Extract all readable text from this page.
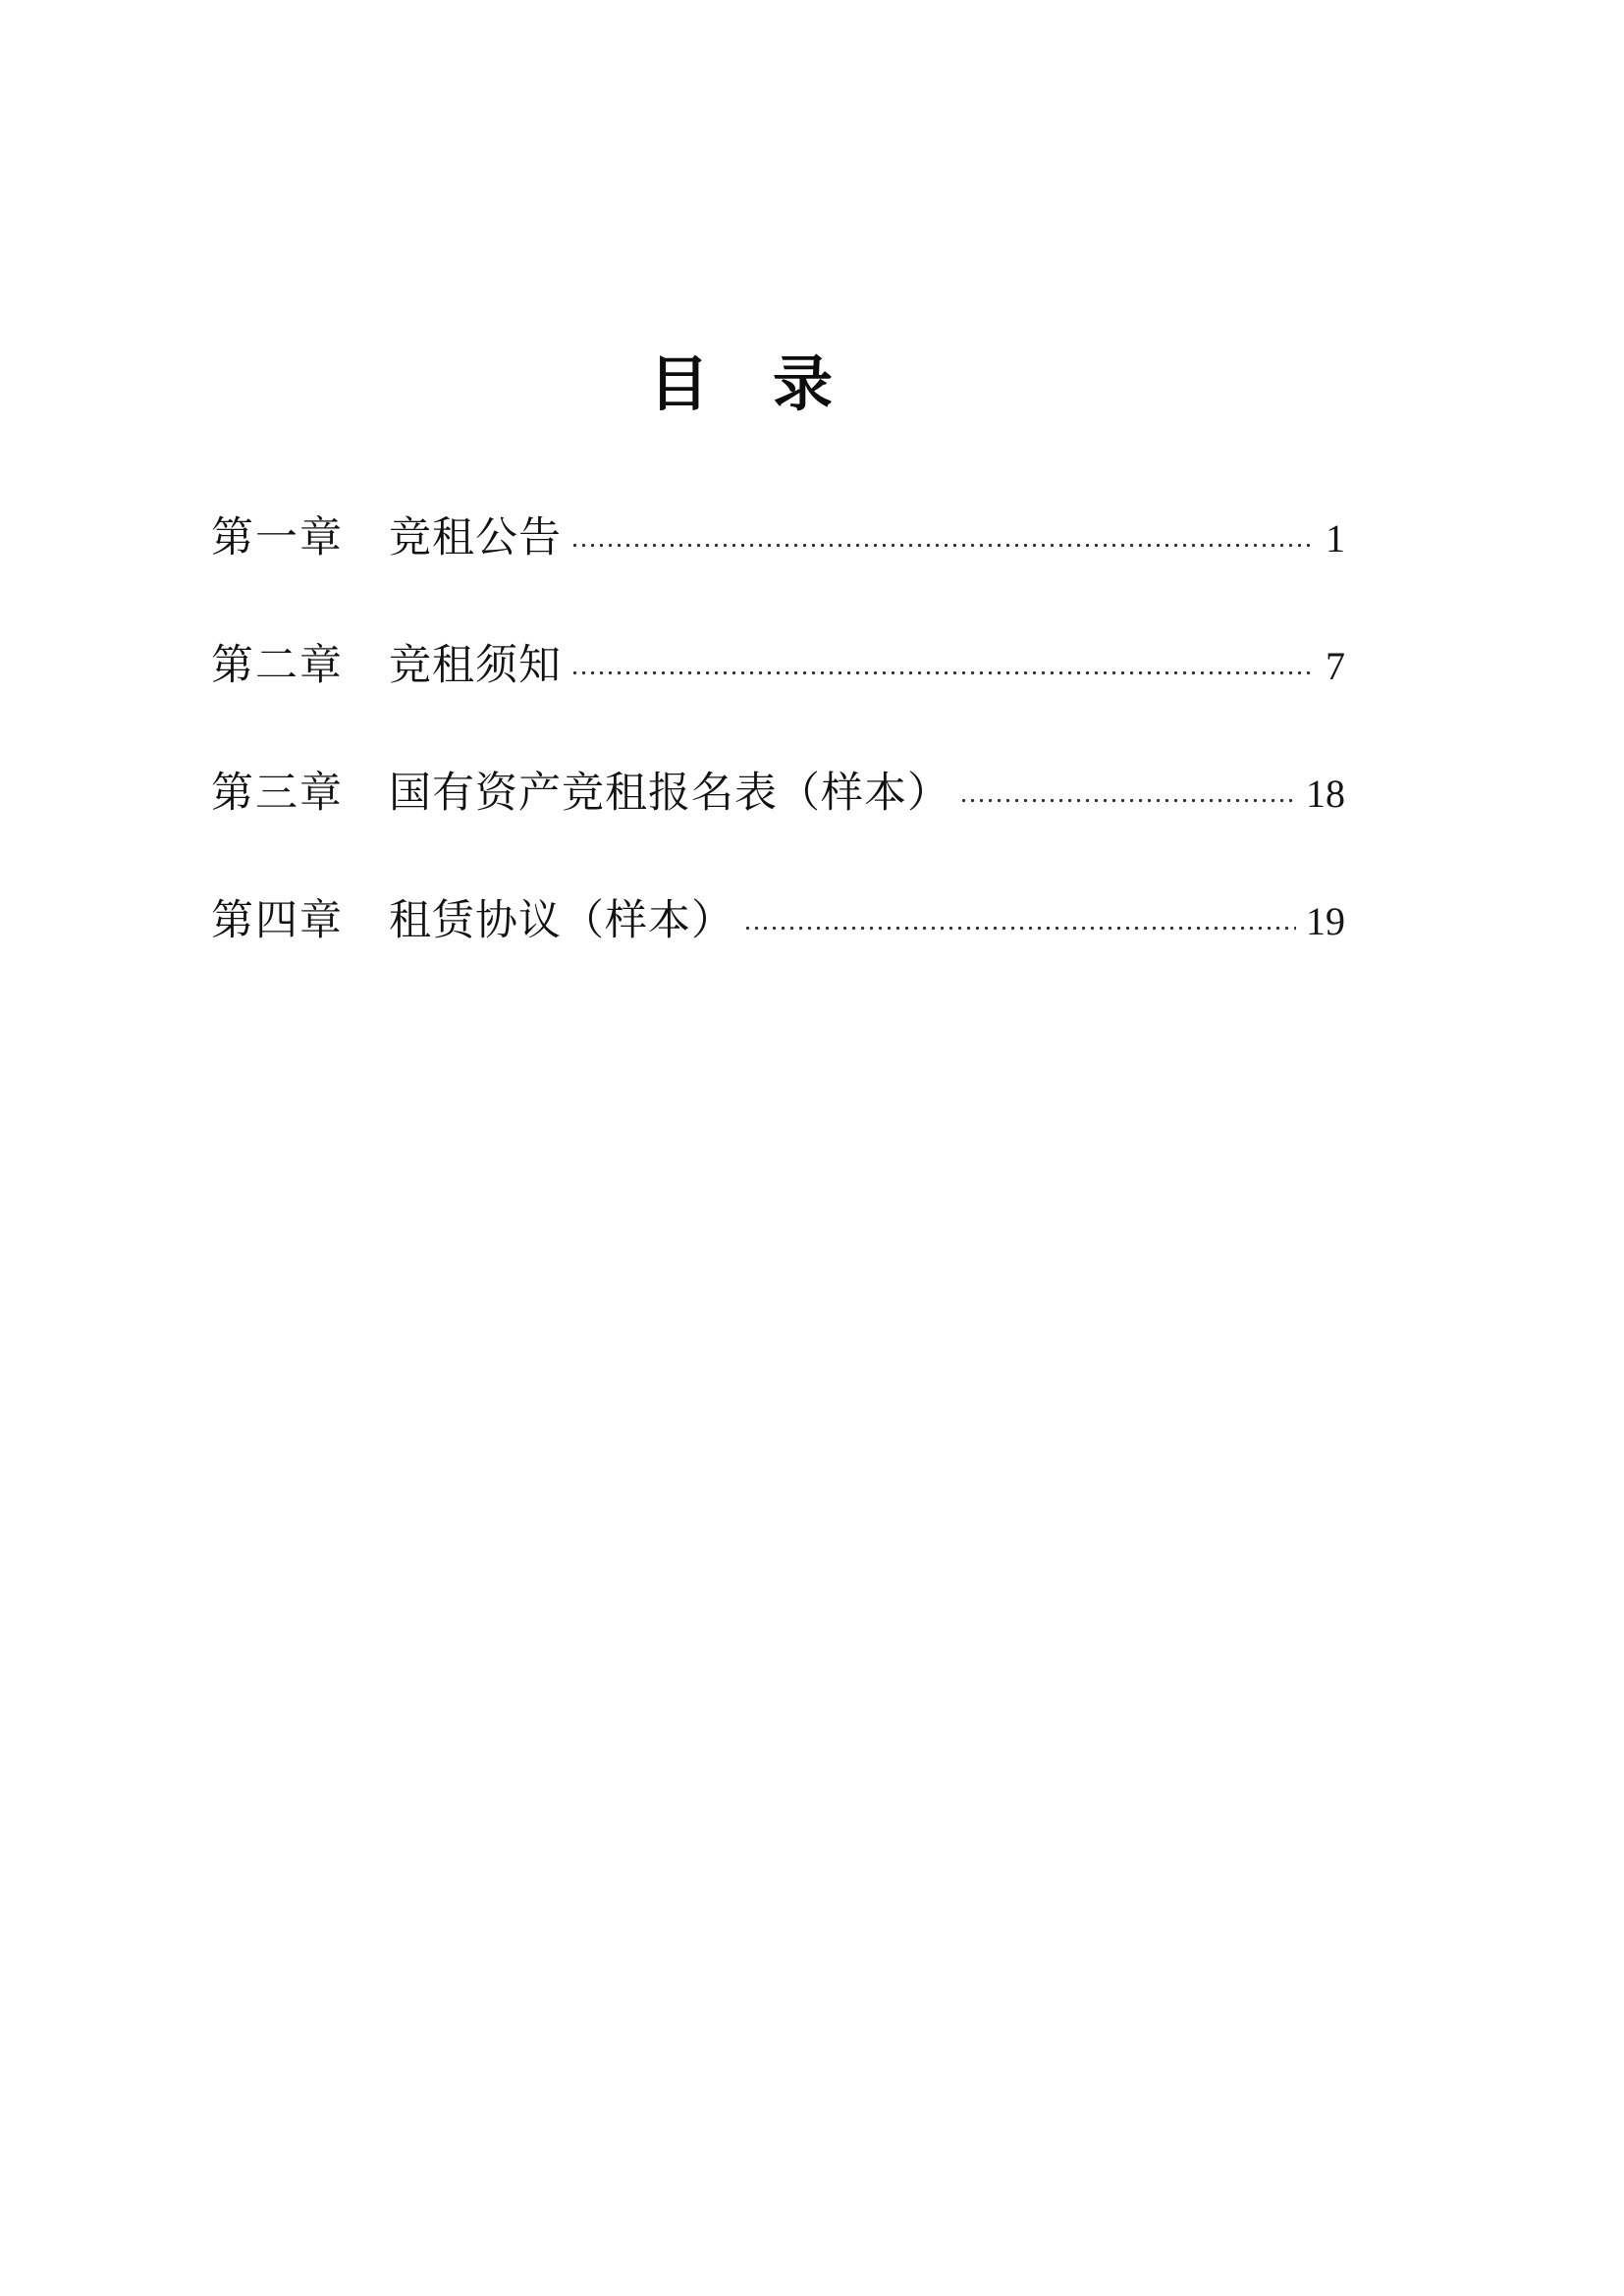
目　录
第一章 竞租公告	1
第二章 竞租须知	7
第三章 国有资产竞租报名表（样本）	18
第四章 租赁协议（样本）	19
